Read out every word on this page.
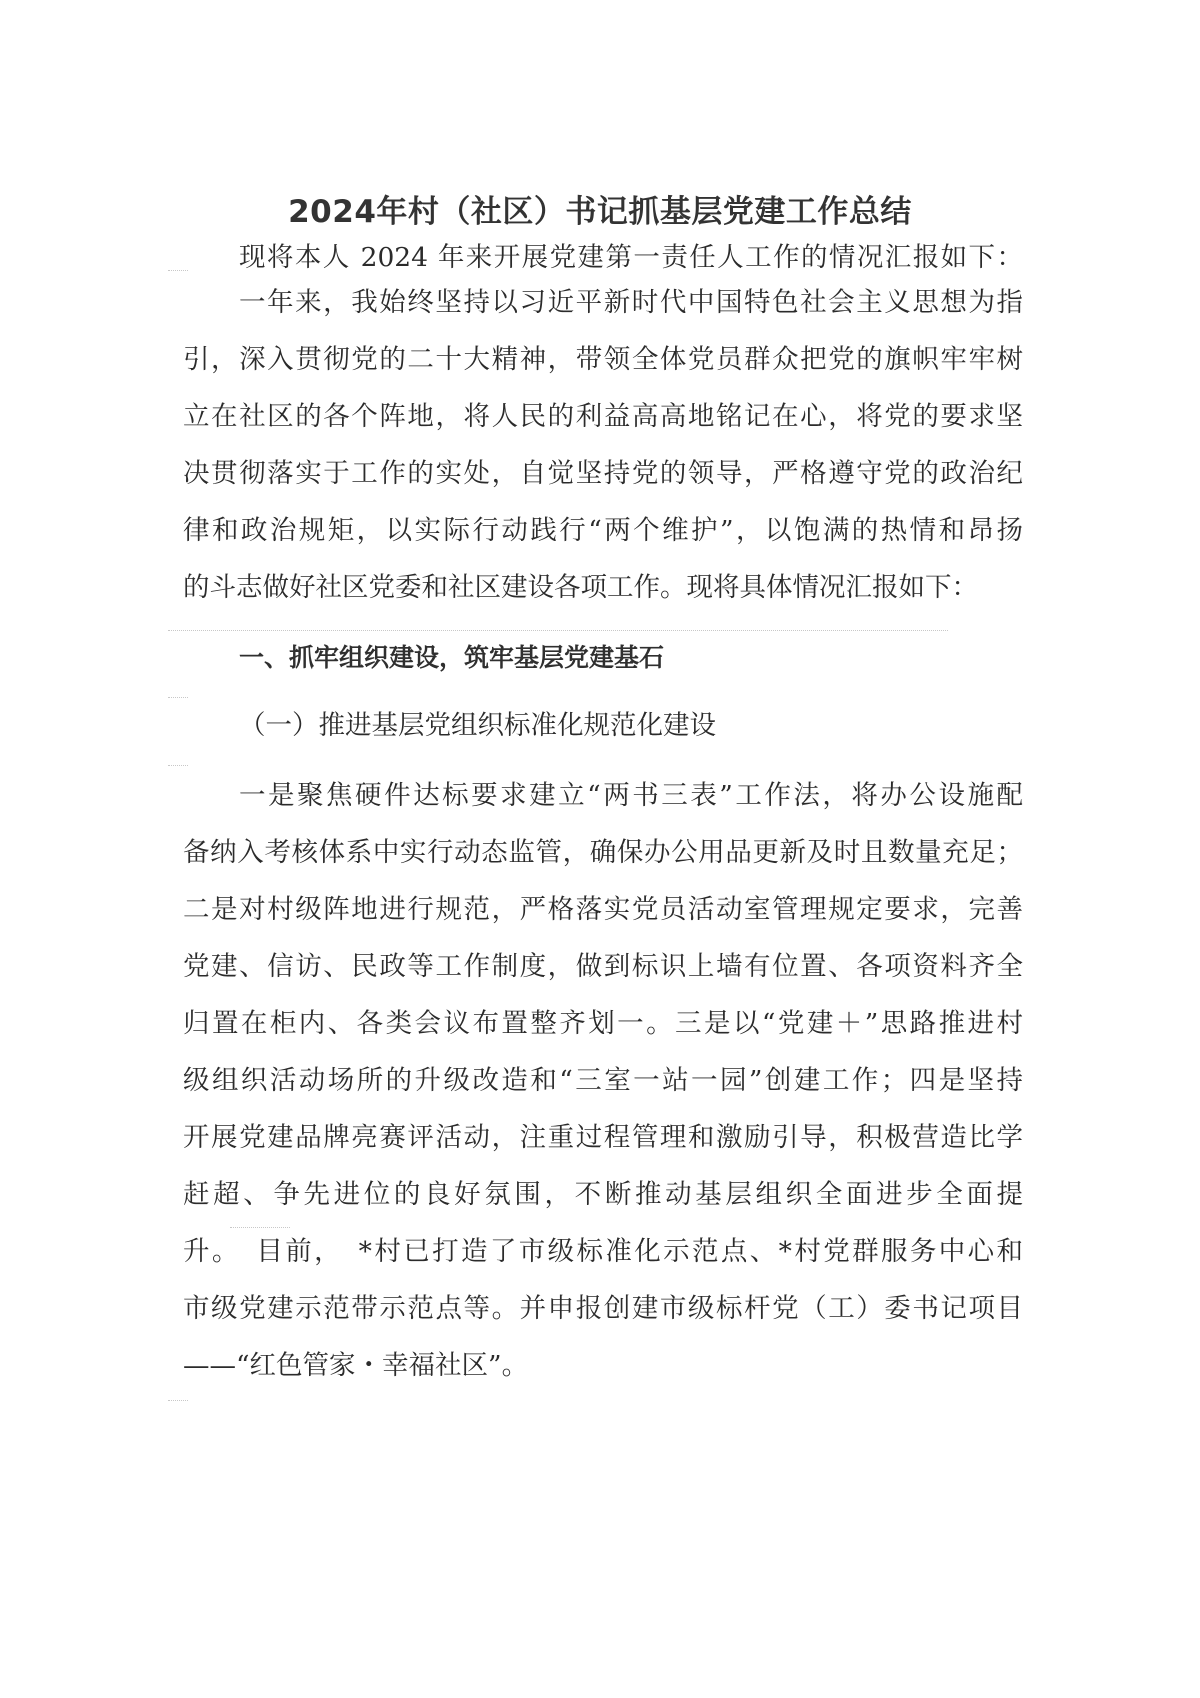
2024年村（社区）书记抓基层党建工作总结
现将本人 2024 年来开展党建第一责任人工作的情况汇报如下：
一年来，我始终坚持以习近平新时代中国特色社会主义思想为指
引，深入贯彻党的二十大精神，带领全体党员群众把党的旗帜牢牢树
立在社区的各个阵地，将人民的利益高高地铭记在心，将党的要求坚
决贯彻落实于工作的实处，自觉坚持党的领导，严格遵守党的政治纪
律和政治规矩，以实际行动践行“两个维护”，以饱满的热情和昂扬
的斗志做好社区党委和社区建设各项工作。现将具体情况汇报如下：
一、抓牢组织建设，筑牢基层党建基石
（一）推进基层党组织标准化规范化建设
一是聚焦硬件达标要求建立“两书三表”工作法，将办公设施配
备纳入考核体系中实行动态监管，确保办公用品更新及时且数量充足；
二是对村级阵地进行规范，严格落实党员活动室管理规定要求，完善
党建、信访、民政等工作制度，做到标识上墙有位置、各项资料齐全
归置在柜内、各类会议布置整齐划一。三是以“党建＋”思路推进村
级组织活动场所的升级改造和“三室一站一园”创建工作；四是坚持
开展党建品牌亮赛评活动，注重过程管理和激励引导，积极营造比学
赶超、争先进位的良好氛围，不断推动基层组织全面进步全面提
升。　目前，　*村已打造了市级标准化示范点、*村党群服务中心和
市级党建示范带示范点等。并申报创建市级标杆党（工）委书记项目
——“红色管家・幸福社区”。
